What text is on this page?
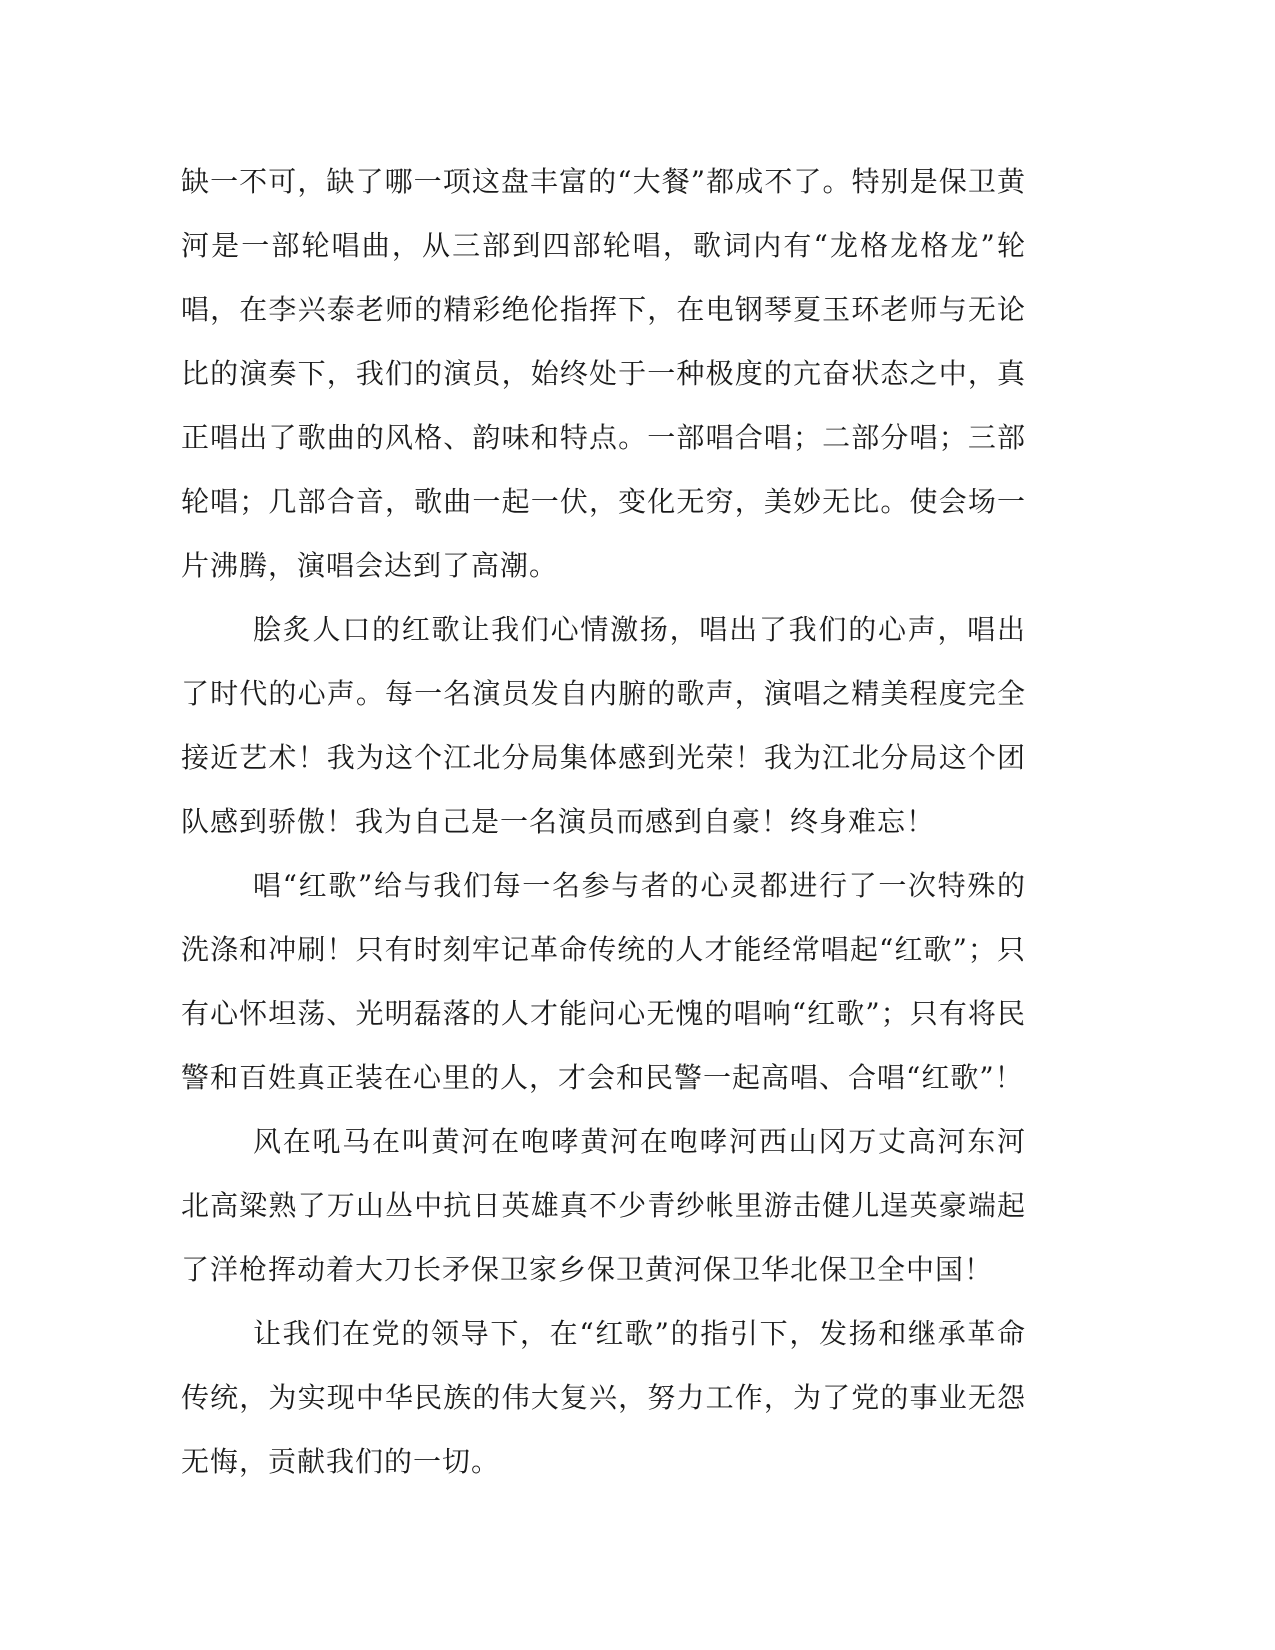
缺一不可，缺了哪一项这盘丰富的“大餐”都成不了。特别是保卫黄河是一部轮唱曲，从三部到四部轮唱，歌词内有“龙格龙格龙”轮唱，在李兴泰老师的精彩绝伦指挥下，在电钢琴夏玉环老师与无论比的演奏下，我们的演员，始终处于一种极度的亢奋状态之中，真正唱出了歌曲的风格、韵味和特点。一部唱合唱；二部分唱；三部轮唱；几部合音，歌曲一起一伏，变化无穷，美妙无比。使会场一片沸腾，演唱会达到了高潮。

脍炙人口的红歌让我们心情激扬，唱出了我们的心声，唱出了时代的心声。每一名演员发自内腑的歌声，演唱之精美程度完全接近艺术！我为这个江北分局集体感到光荣！我为江北分局这个团队感到骄傲！我为自己是一名演员而感到自豪！终身难忘！

唱“红歌”给与我们每一名参与者的心灵都进行了一次特殊的洗涤和冲刷！只有时刻牢记革命传统的人才能经常唱起“红歌”；只有心怀坦荡、光明磊落的人才能问心无愧的唱响“红歌”；只有将民警和百姓真正装在心里的人，才会和民警一起高唱、合唱“红歌”！

风在吼马在叫黄河在咆哮黄河在咆哮河西山冈万丈高河东河北高粱熟了万山丛中抗日英雄真不少青纱帐里游击健儿逞英豪端起了洋枪挥动着大刀长矛保卫家乡保卫黄河保卫华北保卫全中国！

让我们在党的领导下，在“红歌”的指引下，发扬和继承革命传统，为实现中华民族的伟大复兴，努力工作，为了党的事业无怨无悔，贡献我们的一切。
